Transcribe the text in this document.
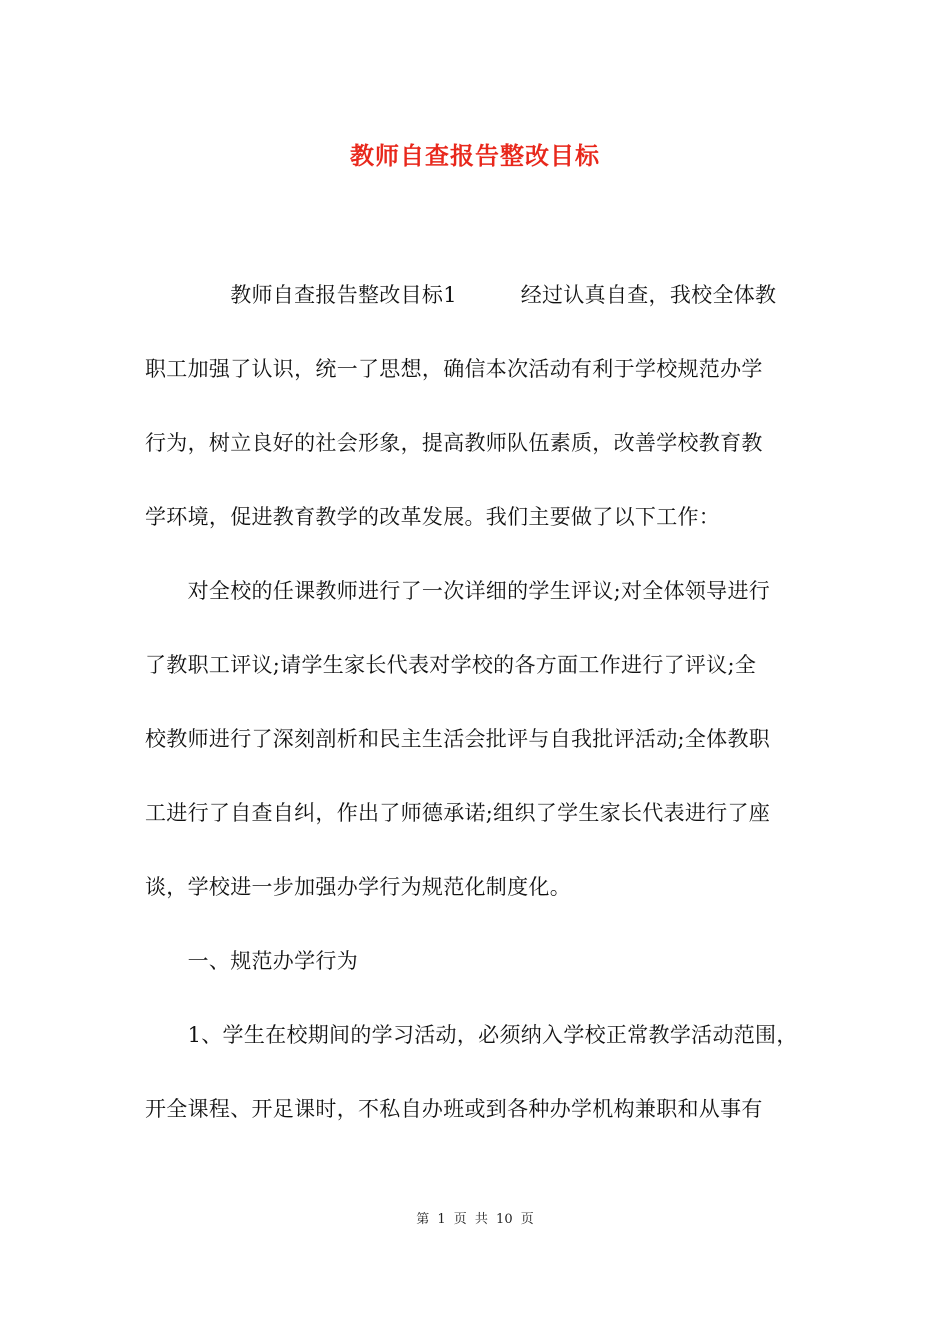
教师自查报告整改目标
　　　　教师自查报告整改目标1　　　经过认真自查，我校全体教
职工加强了认识，统一了思想，确信本次活动有利于学校规范办学
行为，树立良好的社会形象，提高教师队伍素质，改善学校教育教
学环境，促进教育教学的改革发展。我们主要做了以下工作：
　　对全校的任课教师进行了一次详细的学生评议;对全体领导进行
了教职工评议;请学生家长代表对学校的各方面工作进行了评议;全
校教师进行了深刻剖析和民主生活会批评与自我批评活动;全体教职
工进行了自查自纠，作出了师德承诺;组织了学生家长代表进行了座
谈，学校进一步加强办学行为规范化制度化。
　　一、规范办学行为
　　1、学生在校期间的学习活动，必须纳入学校正常教学活动范围，
开全课程、开足课时，不私自办班或到各种办学机构兼职和从事有
第 1 页 共 10 页
